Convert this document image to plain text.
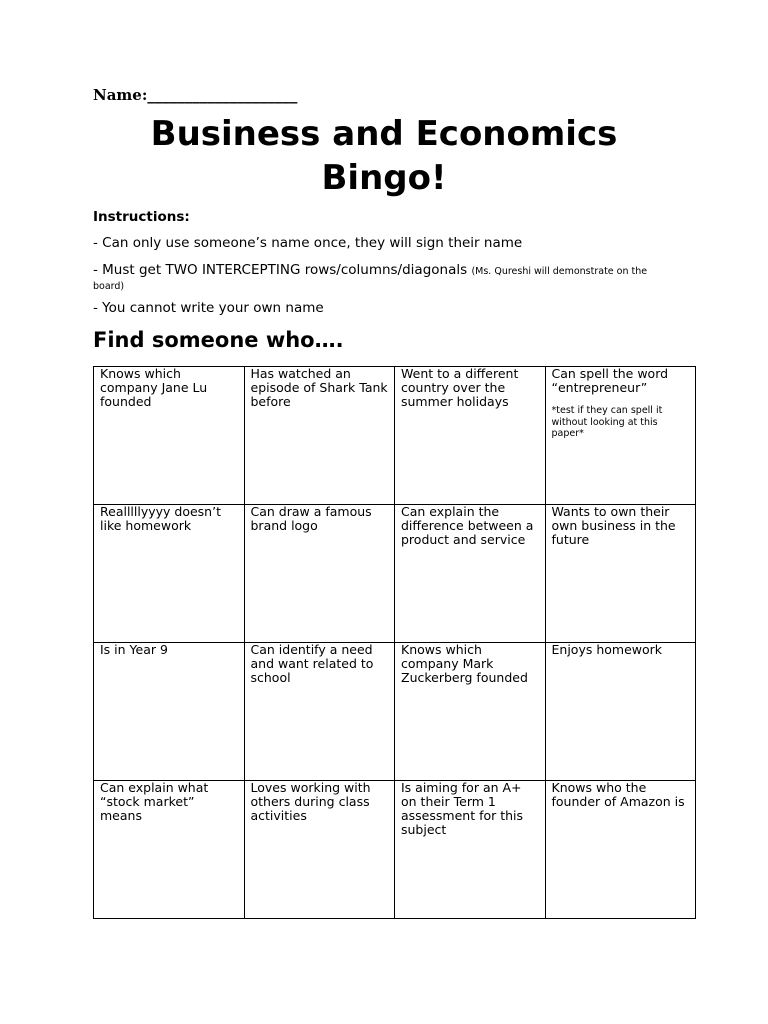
Name:____________________
Business and Economics Bingo!
Instructions:
- Can only use someone’s name once, they will sign their name
- Must get TWO INTERCEPTING rows/columns/diagonals (Ms. Qureshi will demonstrate on the board)
- You cannot write your own name
Find someone who….
Knows which company Jane Lu founded	Has watched an episode of Shark Tank before	Went to a different country over the summer holidays	Can spell the word “entrepreneur”
*test if they can spell it without looking at this paper*

Realllllyyyy doesn’t like homework	Can draw a famous brand logo	Can explain the difference between a product and service	Wants to own their own business in the future

Is in Year 9	Can identify a need and want related to school	Knows which company Mark Zuckerberg founded	Enjoys homework

Can explain what “stock market” means	Loves working with others during class activities	Is aiming for an A+ on their Term 1 assessment for this subject	Knows who the founder of Amazon is
